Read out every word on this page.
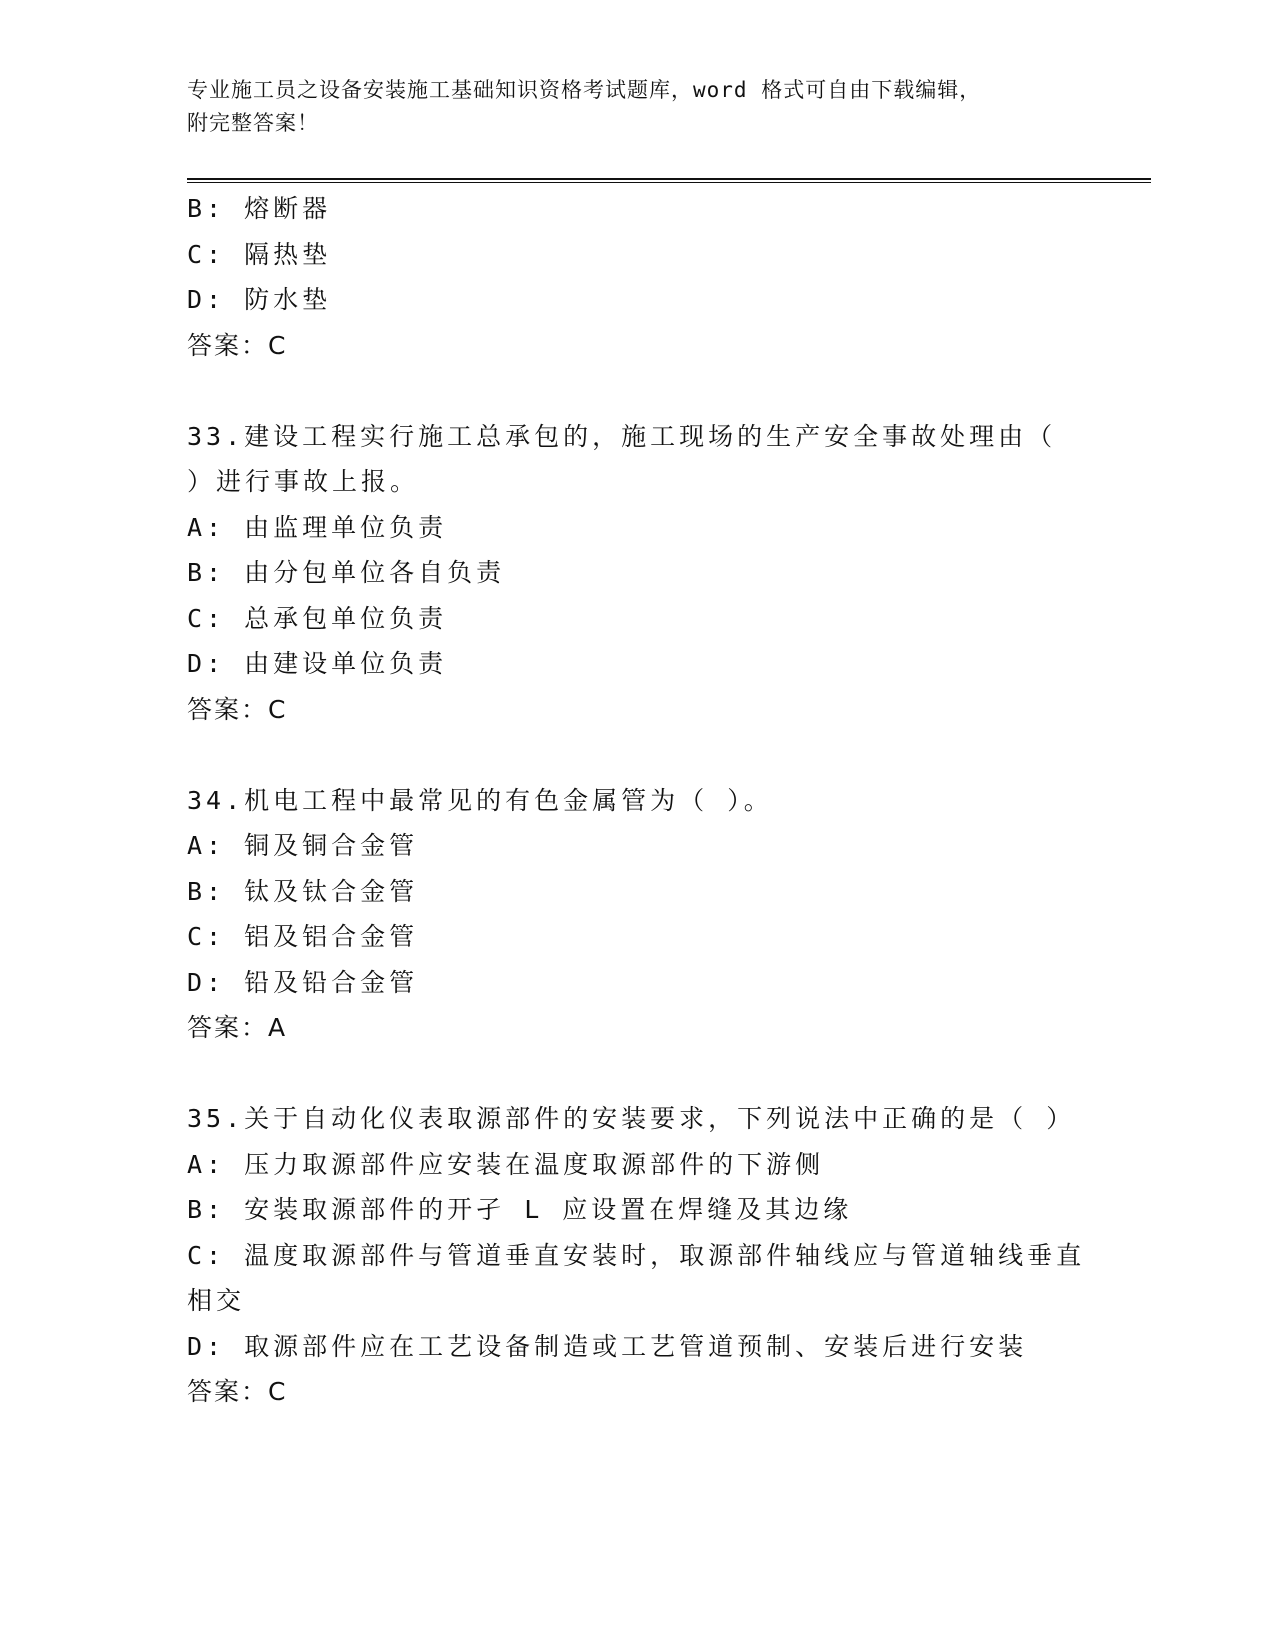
专业施工员之设备安装施工基础知识资格考试题库，word 格式可自由下载编辑，
附完整答案！
B: 熔断器
C: 隔热垫
D: 防水垫
答案：C
33.建设工程实行施工总承包的，施工现场的生产安全事故处理由（
）进行事故上报。
A: 由监理单位负责
B: 由分包单位各自负责
C: 总承包单位负责
D: 由建设单位负责
答案：C
34.机电工程中最常见的有色金属管为（ ）。
A: 铜及铜合金管
B: 钛及钛合金管
C: 铝及铝合金管
D: 铅及铅合金管
答案：A
35.关于自动化仪表取源部件的安装要求，下列说法中正确的是（ ）
A: 压力取源部件应安装在温度取源部件的下游侧
B: 安装取源部件的开孑 L 应设置在焊缝及其边缘
C: 温度取源部件与管道垂直安装时，取源部件轴线应与管道轴线垂直
相交
D: 取源部件应在工艺设备制造或工艺管道预制、安装后进行安装
答案：C
